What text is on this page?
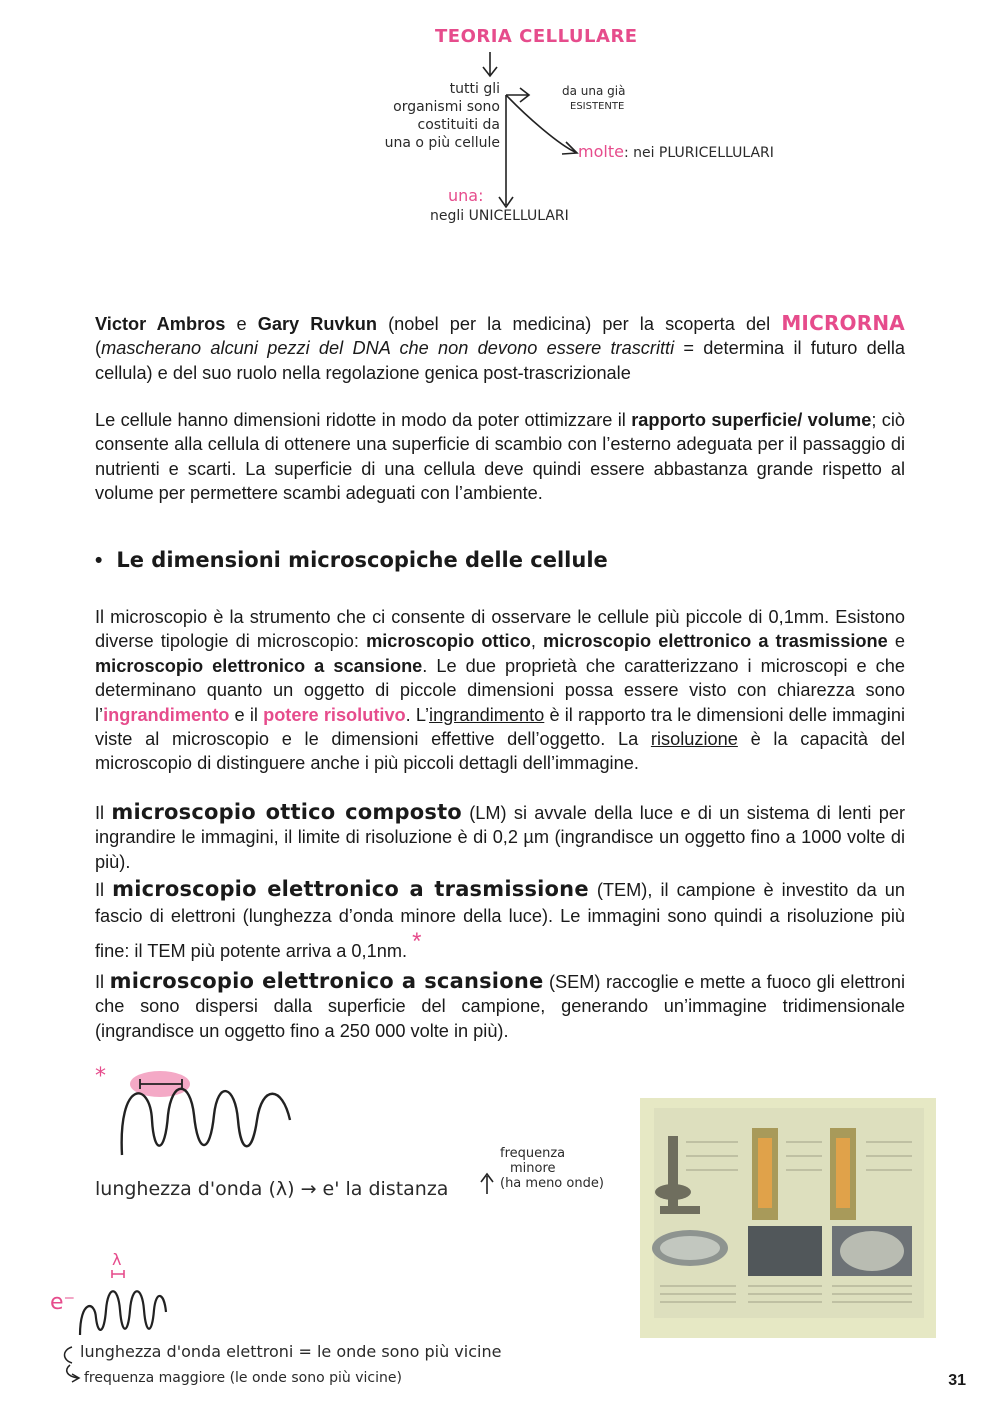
TEORIA CELLULARE
tutti gli
organismi sono
costituiti da
una o più cellule
da una già
ESISTENTE
molte: nei PLURICELLULARI
una:
negli UNICELLULARI
Victor Ambros e Gary Ruvkun (nobel per la medicina) per la scoperta del MICRORNA (mascherano alcuni pezzi del DNA che non devono essere trascritti = determina il futuro della cellula) e del suo ruolo nella regolazione genica post-trascrizionale
Le cellule hanno dimensioni ridotte in modo da poter ottimizzare il rapporto superficie/ volume; ciò consente alla cellula di ottenere una superficie di scambio con l’esterno adeguata per il passaggio di nutrienti e scarti. La superficie di una cellula deve quindi essere abbastanza grande rispetto al volume per permettere scambi adeguati con l’ambiente.
• Le dimensioni microscopiche delle cellule
Il microscopio è la strumento che ci consente di osservare le cellule più piccole di 0,1mm. Esistono diverse tipologie di microscopio: microscopio ottico, microscopio elettronico a trasmissione e microscopio elettronico a scansione. Le due proprietà che caratterizzano i microscopi e che determinano quanto un oggetto di piccole dimensioni possa essere visto con chiarezza sono l’ingrandimento e il potere risolutivo. L’ingrandimento è il rapporto tra le dimensioni delle immagini viste al microscopio e le dimensioni effettive dell’oggetto. La risoluzione è la capacità del microscopio di distinguere anche i più piccoli dettagli dell’immagine.
Il microscopio ottico composto (LM) si avvale della luce e di un sistema di lenti per ingrandire le immagini, il limite di risoluzione è di 0,2 µm (ingrandisce un oggetto fino a 1000 volte di più).
Il microscopio elettronico a trasmissione (TEM), il campione è investito da un fascio di elettroni (lunghezza d’onda minore della luce). Le immagini sono quindi a risoluzione più fine: il TEM più potente arriva a 0,1nm. *
Il microscopio elettronico a scansione (SEM) raccoglie e mette a fuoco gli elettroni che sono dispersi dalla superficie del campione, generando un’immagine tridimensionale (ingrandisce un oggetto fino a 250 000 volte in più).
*
lunghezza d'onda (λ) → e' la distanza
frequenza
minore
(ha meno onde)
λ
e⁻
lunghezza d'onda elettroni = le onde sono più vicine
frequenza maggiore (le onde sono più vicine)	31
